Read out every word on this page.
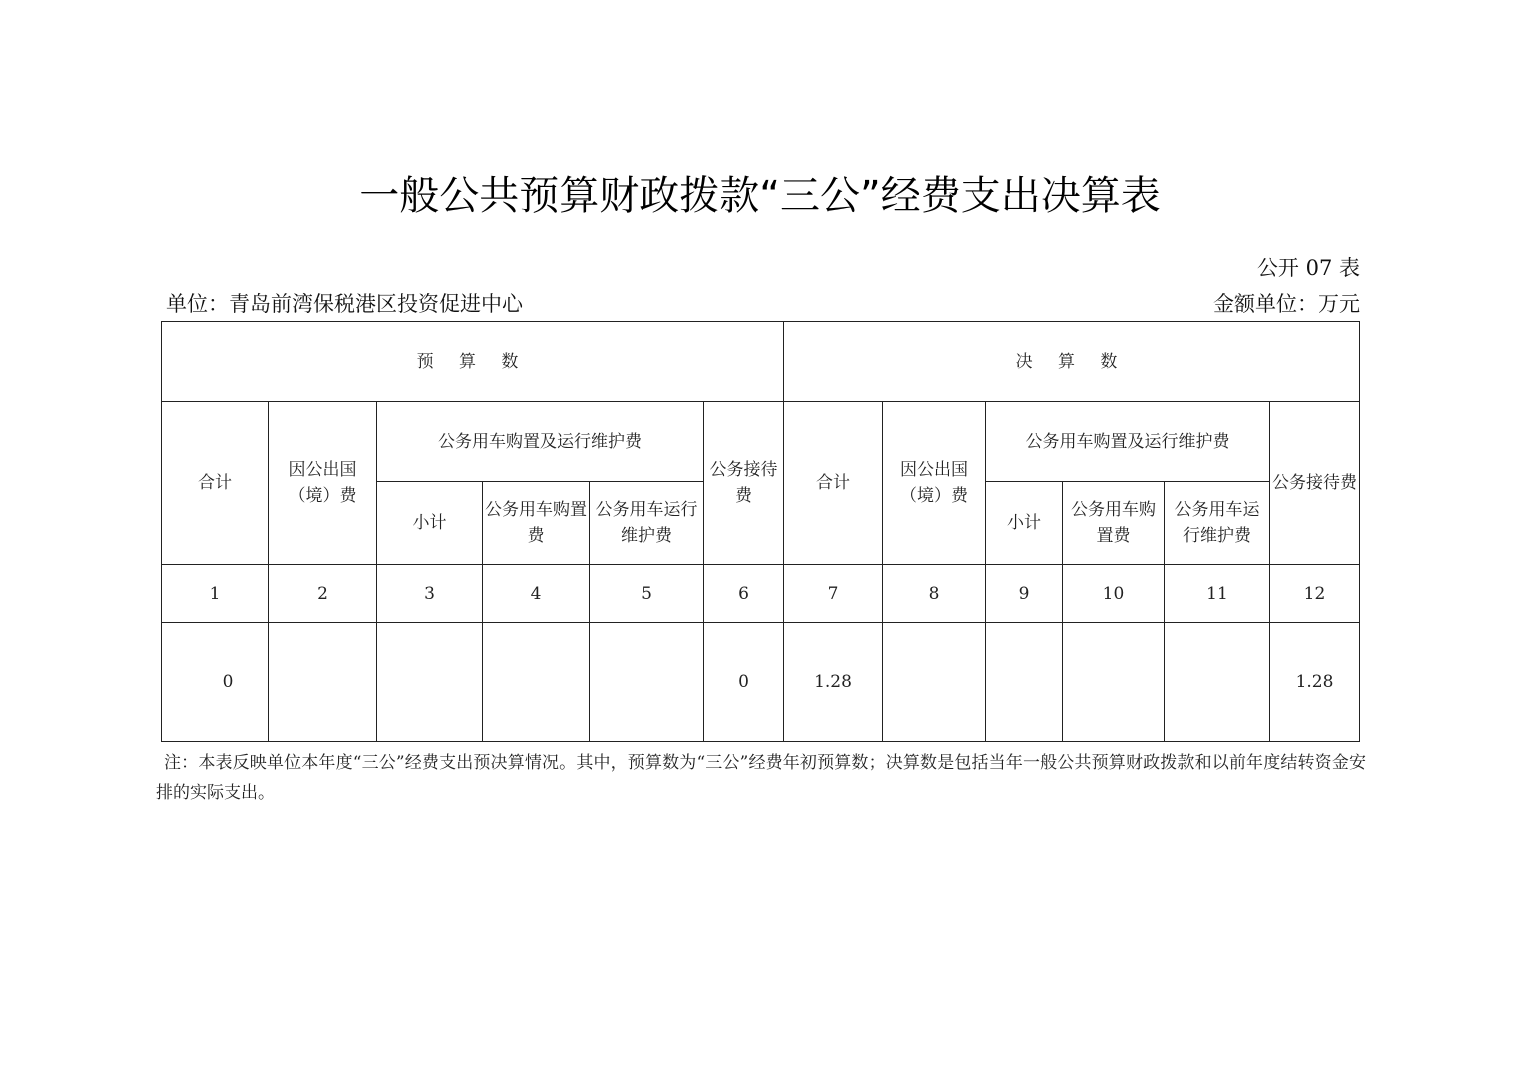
一般公共预算财政拨款“三公”经费支出决算表
公开 07 表
单位：青岛前湾保税港区投资促进中心	金额单位：万元
预 算 数						决 算 数					
合计	因公出国（境）费	公务用车购置及运行维护费			公务接待费	合计	因公出国（境）费	公务用车购置及运行维护费			公务接待费
		小计	公务用车购置费	公务用车运行维护费				小计	公务用车购置费	公务用车运行维护费	
1	2	3	4	5	6	7	8	9	10	11	12
0					0	1.28					1.28
注：本表反映单位本年度“三公”经费支出预决算情况。其中，预算数为“三公”经费年初预算数；决算数是包括当年一般公共预算财政拨款和以前年度结转资金安排的实际支出。
